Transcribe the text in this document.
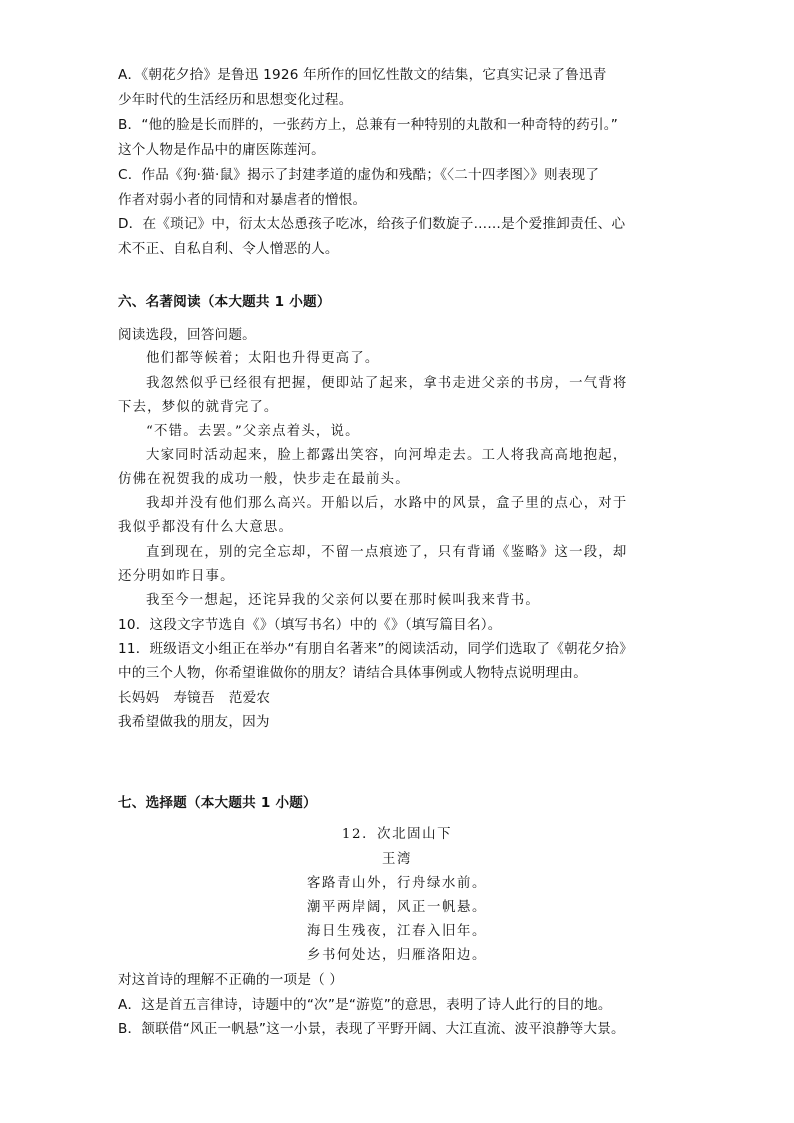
A．《朝花夕拾》是鲁迅 1926 年所作的回忆性散文的结集，它真实记录了鲁迅青
少年时代的生活经历和思想变化过程。
B．“他的脸是长而胖的，一张药方上，总兼有一种特别的丸散和一种奇特的药引。”
这个人物是作品中的庸医陈莲河。
C．作品《狗·猫·鼠》揭示了封建孝道的虚伪和残酷；《〈二十四孝图〉》则表现了
作者对弱小者的同情和对暴虐者的憎恨。
D．在《琐记》中，衍太太怂恿孩子吃冰，给孩子们数旋子……是个爱推卸责任、心
术不正、自私自利、令人憎恶的人。
六、名著阅读（本大题共 1 小题）
阅读选段，回答问题。
他们都等候着；太阳也升得更高了。
我忽然似乎已经很有把握，便即站了起来，拿书走进父亲的书房，一气背将
下去，梦似的就背完了。
“不错。去罢。”父亲点着头，说。
大家同时活动起来，脸上都露出笑容，向河埠走去。工人将我高高地抱起，
仿佛在祝贺我的成功一般，快步走在最前头。
我却并没有他们那么高兴。开船以后，水路中的风景，盒子里的点心，对于
我似乎都没有什么大意思。
直到现在，别的完全忘却，不留一点痕迹了，只有背诵《鉴略》这一段，却
还分明如昨日事。
我至今一想起，还诧异我的父亲何以要在那时候叫我来背书。
10．这段文字节选自《》（填写书名）中的《》（填写篇目名）。
11．班级语文小组正在举办“有朋自名著来”的阅读活动，同学们选取了《朝花夕拾》
中的三个人物，你希望谁做你的朋友？请结合具体事例或人物特点说明理由。
长妈妈 寿镜吾 范爱农
我希望做我的朋友，因为
七、选择题（本大题共 1 小题）
12．次北固山下
王湾
客路青山外，行舟绿水前。
潮平两岸阔，风正一帆悬。
海日生残夜，江春入旧年。
乡书何处达，归雁洛阳边。
对这首诗的理解不正确的一项是（ ）
A．这是首五言律诗，诗题中的“次”是“游览”的意思，表明了诗人此行的目的地。
B．颔联借“风正一帆悬”这一小景，表现了平野开阔、大江直流、波平浪静等大景。
